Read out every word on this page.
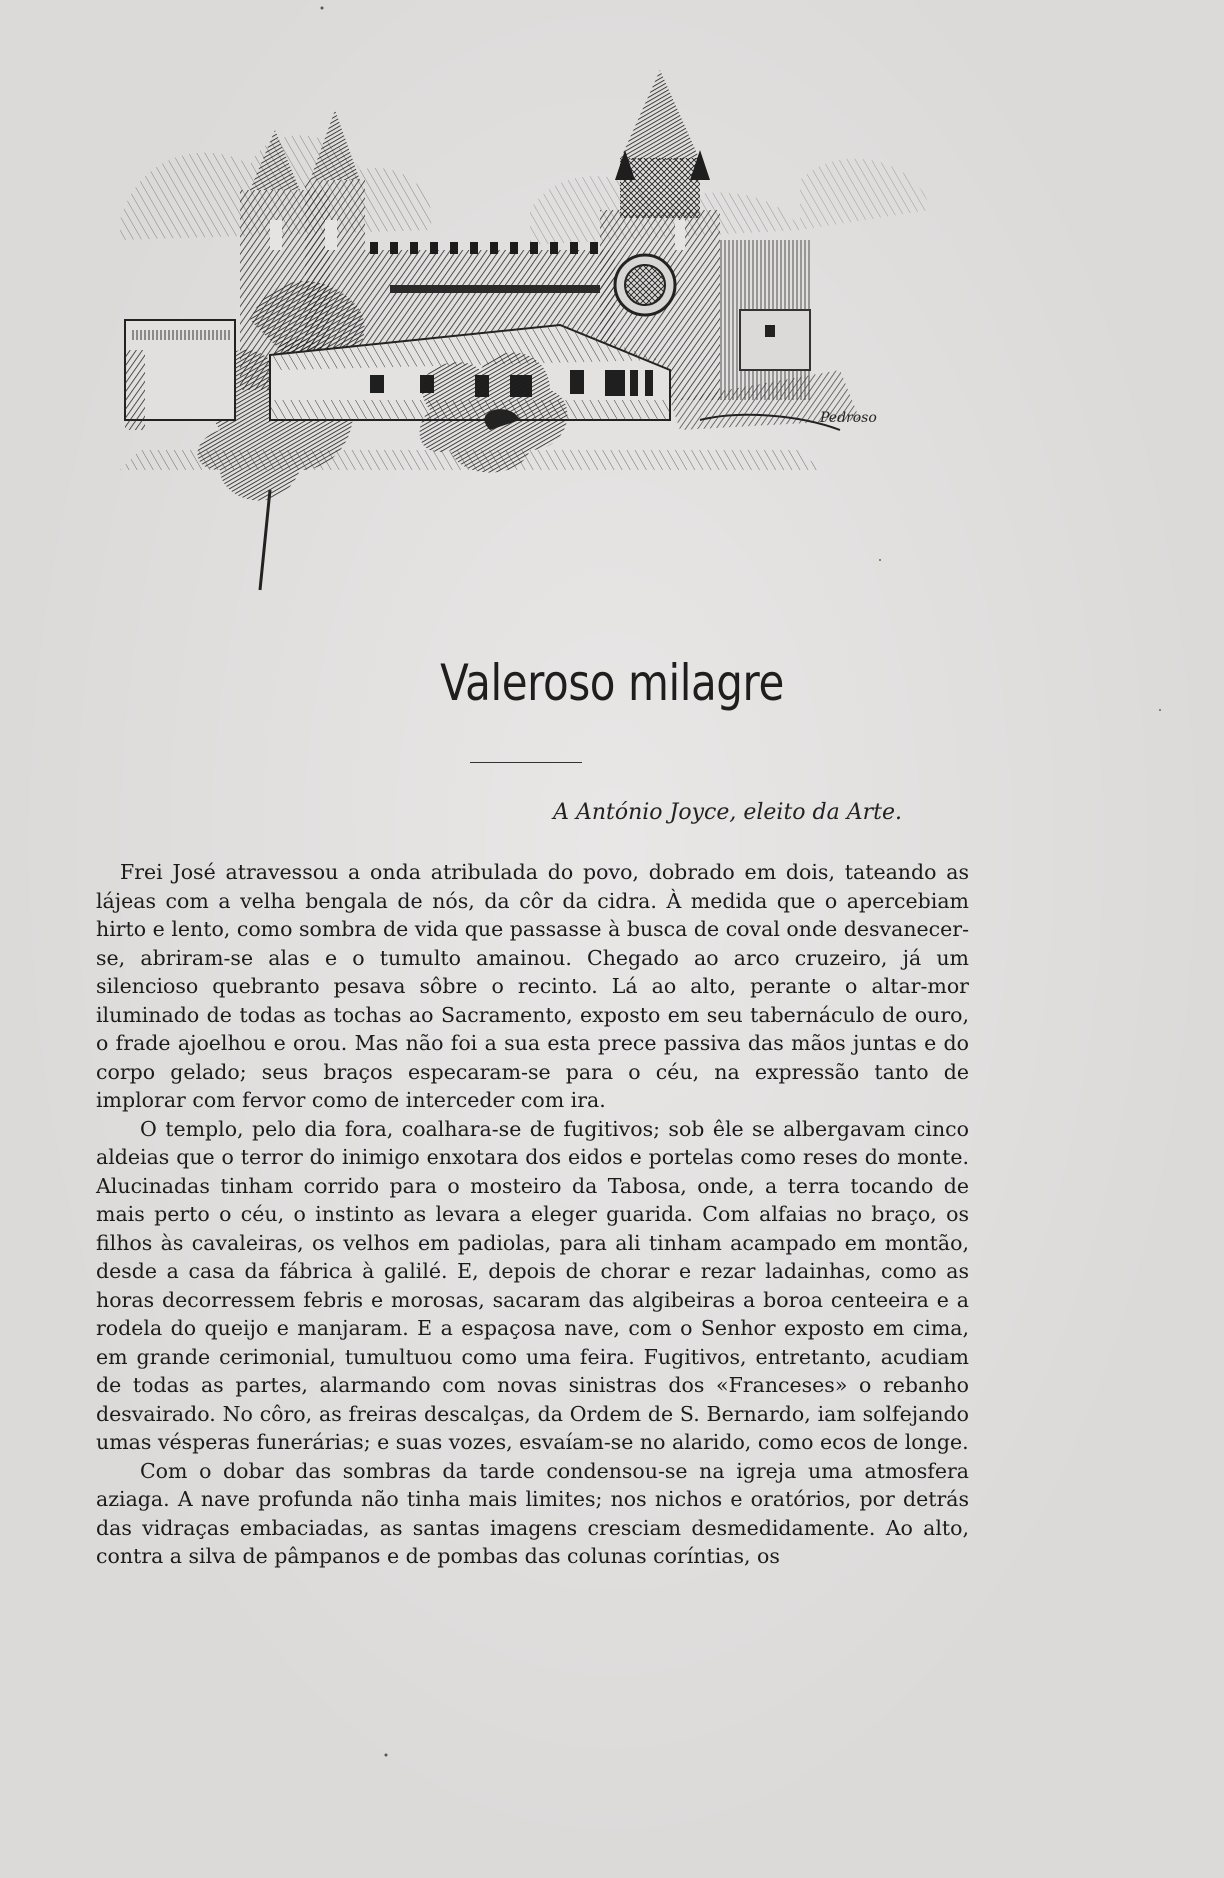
Pedroso
Valeroso milagre
A António Joyce, eleito da Arte.

Frei José atravessou a onda atribulada do povo, dobrado em dois, tateando as lájeas com a velha bengala de nós, da côr da cidra. À medida que o apercebiam hirto e lento, como sombra de vida que passasse à busca de coval onde desvanecer-se, abriram-se alas e o tumulto amainou. Chegado ao arco cruzeiro, já um silencioso quebranto pesava sôbre o recinto. Lá ao alto, perante o altar-mor iluminado de todas as tochas ao Sacramento, exposto em seu tabernáculo de ouro, o frade ajoelhou e orou. Mas não foi a sua esta prece passiva das mãos juntas e do corpo gelado; seus braços especaram-se para o céu, na expressão tanto de implorar com fervor como de interceder com ira.

O templo, pelo dia fora, coalhara-se de fugitivos; sob êle se albergavam cinco aldeias que o terror do inimigo enxotara dos eidos e portelas como reses do monte. Alucinadas tinham corrido para o mosteiro da Tabosa, onde, a terra tocando de mais perto o céu, o instinto as levara a eleger guarida. Com alfaias no braço, os filhos às cavaleiras, os velhos em padiolas, para ali tinham acampado em montão, desde a casa da fábrica à galilé. E, depois de chorar e rezar ladainhas, como as horas decorressem febris e morosas, sacaram das algibeiras a boroa centeeira e a rodela do queijo e manjaram. E a espaçosa nave, com o Senhor exposto em cima, em grande cerimonial, tumultuou como uma feira. Fugitivos, entretanto, acudiam de todas as partes, alarmando com novas sinistras dos «Franceses» o rebanho desvairado. No côro, as freiras descalças, da Ordem de S. Bernardo, iam solfejando umas vésperas funerárias; e suas vozes, esvaíam-se no alarido, como ecos de longe.

Com o dobar das sombras da tarde condensou-se na igreja uma atmosfera aziaga. A nave profunda não tinha mais limites; nos nichos e oratórios, por detrás das vidraças embaciadas, as santas imagens cresciam desmedidamente. Ao alto, contra a silva de pâmpanos e de pombas das colunas coríntias, os
